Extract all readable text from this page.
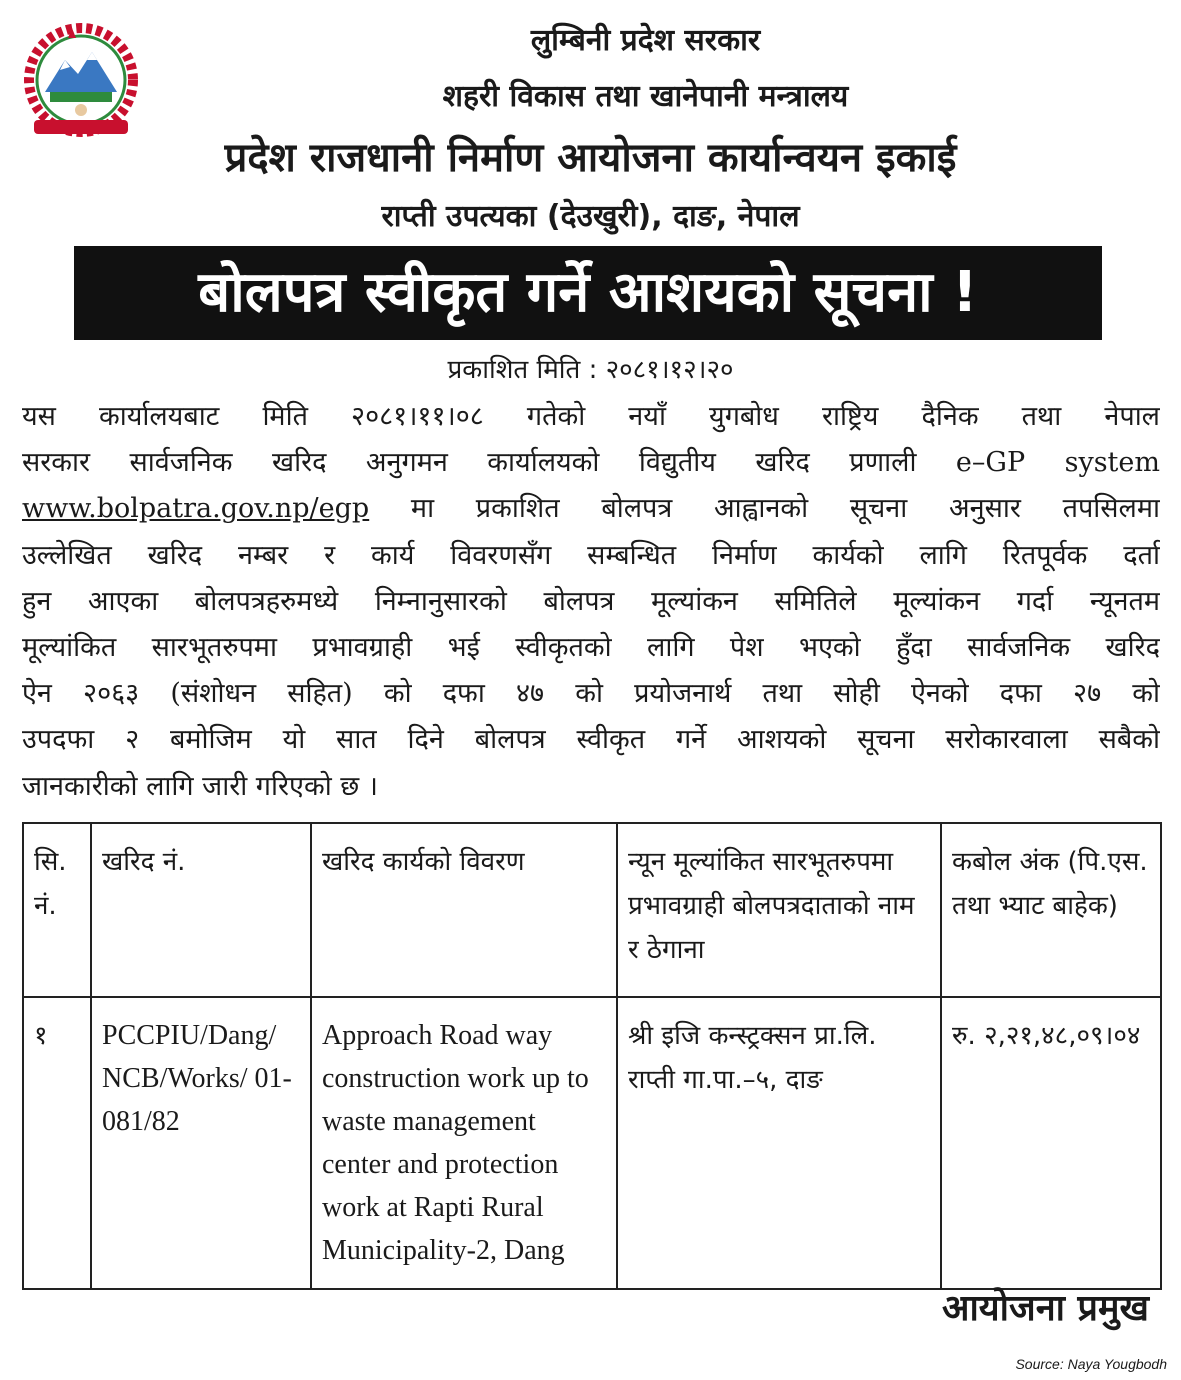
लुम्बिनी प्रदेश सरकार
शहरी विकास तथा खानेपानी मन्त्रालय
प्रदेश राजधानी निर्माण आयोजना कार्यान्वयन इकाई
राप्ती उपत्यका (देउखुरी), दाङ, नेपाल
बोलपत्र स्वीकृत गर्ने आशयको सूचना !
प्रकाशित मिति : २०८१।१२।२०
यस कार्यालयबाट मिति २०८१।११।०८ गतेको नयाँ युगबोध राष्ट्रिय दैनिक तथा नेपाल
सरकार सार्वजनिक खरिद अनुगमन कार्यालयको विद्युतीय खरिद प्रणाली e–GP system
www.bolpatra.gov.np/egp मा प्रकाशित बोलपत्र आह्वानको सूचना अनुसार तपसिलमा
उल्लेखित खरिद नम्बर र कार्य विवरणसँग सम्बन्धित निर्माण कार्यको लागि रितपूर्वक दर्ता
हुन आएका बोलपत्रहरुमध्ये निम्नानुसारको बोलपत्र मूल्यांकन समितिले मूल्यांकन गर्दा न्यूनतम
मूल्यांकित सारभूतरुपमा प्रभावग्राही भई स्वीकृतको लागि पेश भएको हुँदा सार्वजनिक खरिद
ऐन २०६३ (संशोधन सहित) को दफा ४७ को प्रयोजनार्थ तथा सोही ऐनको दफा २७ को
उपदफा २ बमोजिम यो सात दिने बोलपत्र स्वीकृत गर्ने आशयको सूचना सरोकारवाला सबैको
जानकारीको लागि जारी गरिएको छ ।
सि. नं.	खरिद नं.	खरिद कार्यको विवरण	न्यून मूल्यांकित सारभूतरुपमा प्रभावग्राही बोलपत्रदाताको नाम र ठेगाना	कबोल अंक (पि.एस. तथा भ्याट बाहेक)
१	PCCPIU/Dang/ NCB/Works/ 01-081/82	Approach Road way construction work up to waste management center and protection work at Rapti Rural Municipality-2, Dang	श्री इजि कन्स्ट्रक्सन प्रा.लि. राप्ती गा.पा.–५, दाङ	रु. २,२१,४८,०९।०४
आयोजना प्रमुख
Source: Naya Yougbodh
